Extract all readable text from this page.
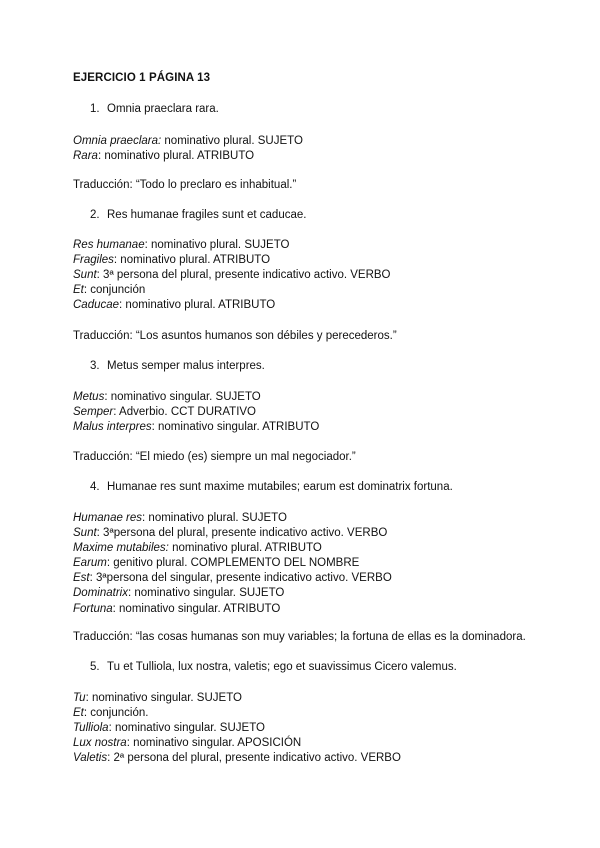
EJERCICIO 1 PÁGINA 13
1. Omnia praeclara rara.
Omnia praeclara: nominativo plural. SUJETO
Rara: nominativo plural. ATRIBUTO
Traducción: “Todo lo preclaro es inhabitual.”
2. Res humanae fragiles sunt et caducae.
Res humanae: nominativo plural. SUJETO
Fragiles: nominativo plural. ATRIBUTO
Sunt: 3ª persona del plural, presente indicativo activo. VERBO
Et: conjunción
Caducae: nominativo plural. ATRIBUTO
Traducción: “Los asuntos humanos son débiles y perecederos.”
3. Metus semper malus interpres.
Metus: nominativo singular. SUJETO
Semper: Adverbio. CCT DURATIVO
Malus interpres: nominativo singular. ATRIBUTO
Traducción: “El miedo (es) siempre un mal negociador.”
4. Humanae res sunt maxime mutabiles; earum est dominatrix fortuna.
Humanae res: nominativo plural. SUJETO
Sunt: 3ªpersona del plural, presente indicativo activo. VERBO
Maxime mutabiles: nominativo plural. ATRIBUTO
Earum: genitivo plural. COMPLEMENTO DEL NOMBRE
Est: 3ªpersona del singular, presente indicativo activo. VERBO
Dominatrix: nominativo singular. SUJETO
Fortuna: nominativo singular. ATRIBUTO
Traducción: “las cosas humanas son muy variables; la fortuna de ellas es la dominadora.
5. Tu et Tulliola, lux nostra, valetis; ego et suavissimus Cicero valemus.
Tu: nominativo singular. SUJETO
Et: conjunción.
Tulliola: nominativo singular. SUJETO
Lux nostra: nominativo singular. APOSICIÓN
Valetis: 2ª persona del plural, presente indicativo activo. VERBO
